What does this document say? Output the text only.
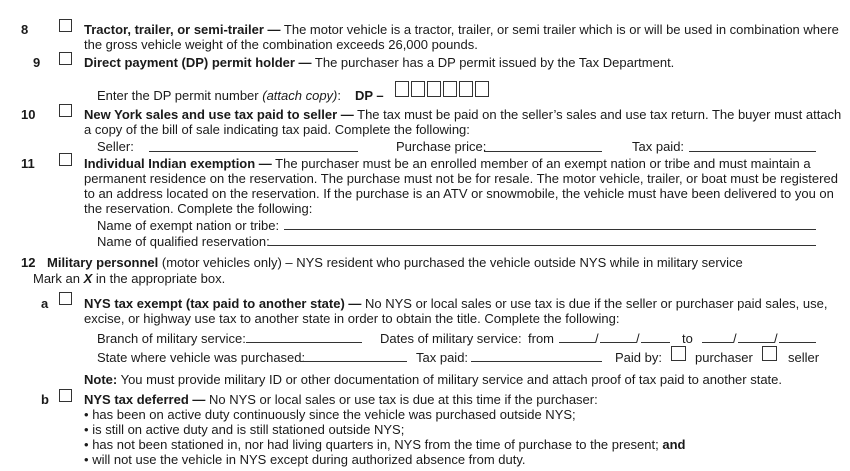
8	Tractor, trailer, or semi-trailer — The motor vehicle is a tractor, trailer, or semi trailer which is or will be used in combination where
the gross vehicle weight of the combination exceeds 26,000 pounds.
9	Direct payment (DP) permit holder — The purchaser has a DP permit issued by the Tax Department.
Enter the DP permit number (attach copy): DP –
10	New York sales and use tax paid to seller — The tax must be paid on the seller’s sales and use tax return. The buyer must attach
a copy of the bill of sale indicating tax paid. Complete the following:
Seller:	Purchase price:	Tax paid:
11	Individual Indian exemption — The purchaser must be an enrolled member of an exempt nation or tribe and must maintain a
permanent residence on the reservation. The purchase must not be for resale. The motor vehicle, trailer, or boat must be registered
to an address located on the reservation. If the purchase is an ATV or snowmobile, the vehicle must have been delivered to you on
the reservation. Complete the following:
Name of exempt nation or tribe:
Name of qualified reservation:
12 Military personnel (motor vehicles only) – NYS resident who purchased the vehicle outside NYS while in military service
Mark an X in the appropriate box.
a	NYS tax exempt (tax paid to another state) — No NYS or local sales or use tax is due if the seller or purchaser paid sales, use,
excise, or highway use tax to another state in order to obtain the title. Complete the following:
Branch of military service:	Dates of military service: from	/	/	to	/	/
State where vehicle was purchased:	Tax paid:	Paid by:	purchaser	seller
Note: You must provide military ID or other documentation of military service and attach proof of tax paid to another state.
b	NYS tax deferred — No NYS or local sales or use tax is due at this time if the purchaser:
• has been on active duty continuously since the vehicle was purchased outside NYS;
• is still on active duty and is still stationed outside NYS;
• has not been stationed in, nor had living quarters in, NYS from the time of purchase to the present; and
• will not use the vehicle in NYS except during authorized absence from duty.
